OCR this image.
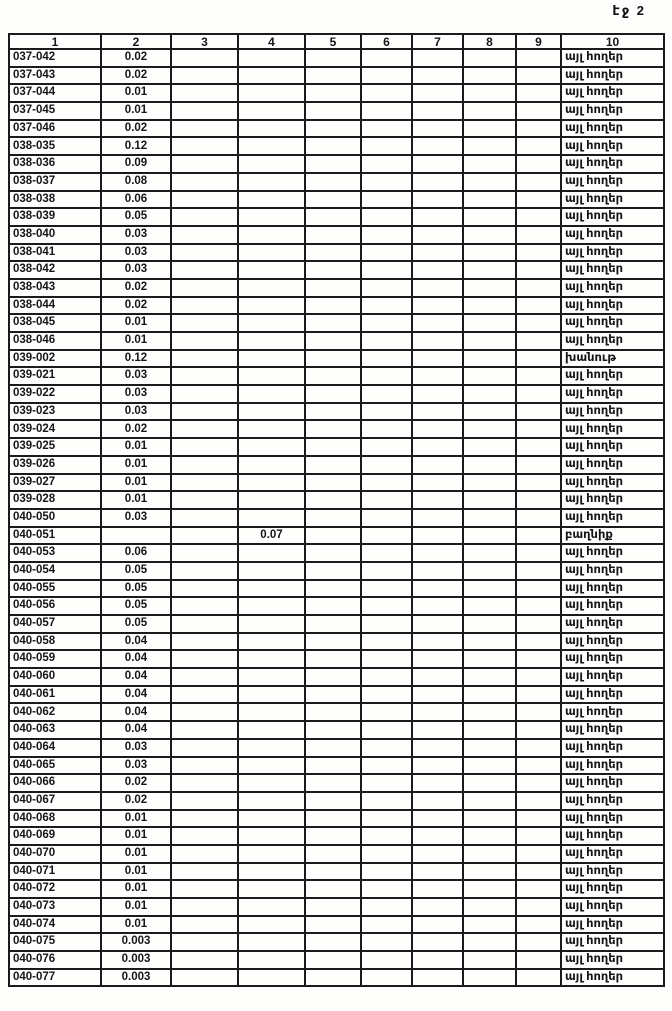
էջ 2
1	2	3	4	5	6	7	8	9	10
037-042	0.02								այլ հողեր
037-043	0.02								այլ հողեր
037-044	0.01								այլ հողեր
037-045	0.01								այլ հողեր
037-046	0.02								այլ հողեր
038-035	0.12								այլ հողեր
038-036	0.09								այլ հողեր
038-037	0.08								այլ հողեր
038-038	0.06								այլ հողեր
038-039	0.05								այլ հողեր
038-040	0.03								այլ հողեր
038-041	0.03								այլ հողեր
038-042	0.03								այլ հողեր
038-043	0.02								այլ հողեր
038-044	0.02								այլ հողեր
038-045	0.01								այլ հողեր
038-046	0.01								այլ հողեր
039-002	0.12								խանութ
039-021	0.03								այլ հողեր
039-022	0.03								այլ հողեր
039-023	0.03								այլ հողեր
039-024	0.02								այլ հողեր
039-025	0.01								այլ հողեր
039-026	0.01								այլ հողեր
039-027	0.01								այլ հողեր
039-028	0.01								այլ հողեր
040-050	0.03								այլ հողեր
040-051			0.07						բաղնիք
040-053	0.06								այլ հողեր
040-054	0.05								այլ հողեր
040-055	0.05								այլ հողեր
040-056	0.05								այլ հողեր
040-057	0.05								այլ հողեր
040-058	0.04								այլ հողեր
040-059	0.04								այլ հողեր
040-060	0.04								այլ հողեր
040-061	0.04								այլ հողեր
040-062	0.04								այլ հողեր
040-063	0.04								այլ հողեր
040-064	0.03								այլ հողեր
040-065	0.03								այլ հողեր
040-066	0.02								այլ հողեր
040-067	0.02								այլ հողեր
040-068	0.01								այլ հողեր
040-069	0.01								այլ հողեր
040-070	0.01								այլ հողեր
040-071	0.01								այլ հողեր
040-072	0.01								այլ հողեր
040-073	0.01								այլ հողեր
040-074	0.01								այլ հողեր
040-075	0.003								այլ հողեր
040-076	0.003								այլ հողեր
040-077	0.003								այլ հողեր
